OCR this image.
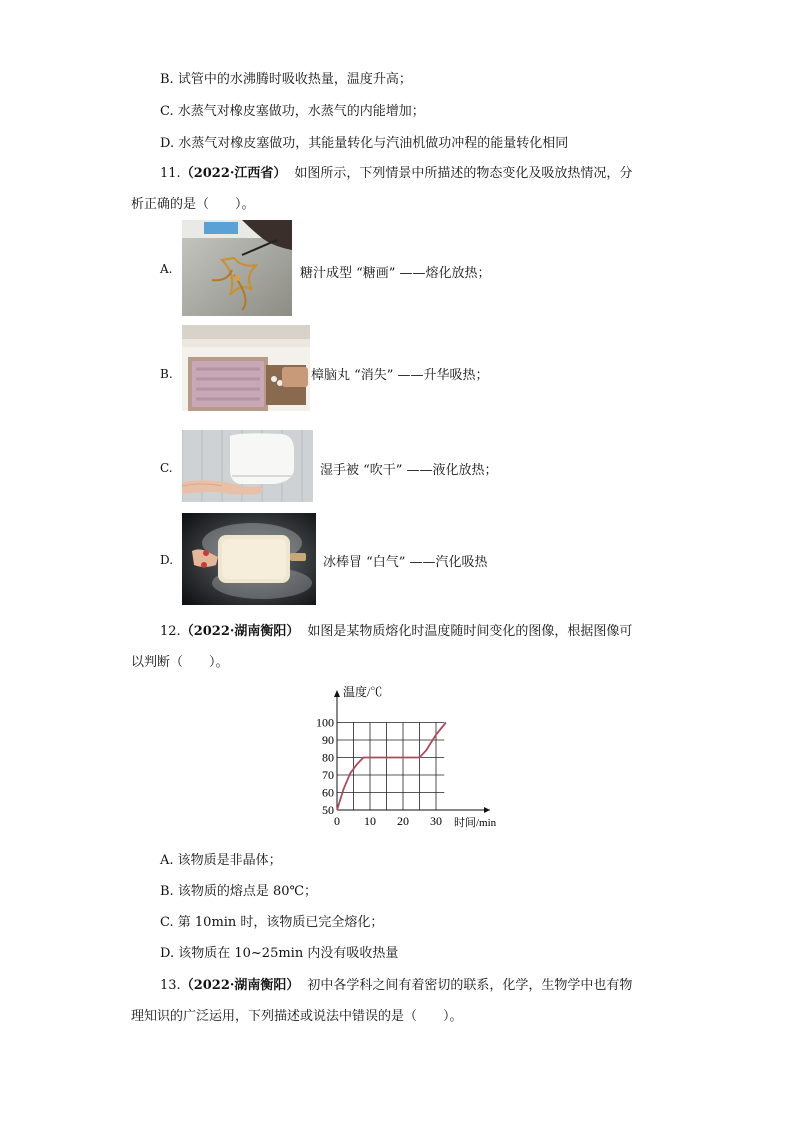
B. 试管中的水沸腾时吸收热量，温度升高；
C. 水蒸气对橡皮塞做功，水蒸气的内能增加；
D. 水蒸气对橡皮塞做功，其能量转化与汽油机做功冲程的能量转化相同
11.（2022·江西省） 如图所示，下列情景中所描述的物态变化及吸放热情况，分
析正确的是（　　）。
A.	糖汁成型 “糖画” ——熔化放热；
B.	樟脑丸 “消失” ——升华吸热；
C.	湿手被 “吹干” ——液化放热；
D.	冰棒冒 “白气” ——汽化吸热
12.（2022·湖南衡阳） 如图是某物质熔化时温度随时间变化的图像，根据图像可
以判断（　　）。
50
60
70
80
90
100
0 10 20 30
温度/℃
时间/min
A. 该物质是非晶体；
B. 该物质的熔点是 80℃；
C. 第 10min 时，该物质已完全熔化；
D. 该物质在 10~25min 内没有吸收热量
13.（2022·湖南衡阳） 初中各学科之间有着密切的联系，化学，生物学中也有物
理知识的广泛运用，下列描述或说法中错误的是（　　）。
